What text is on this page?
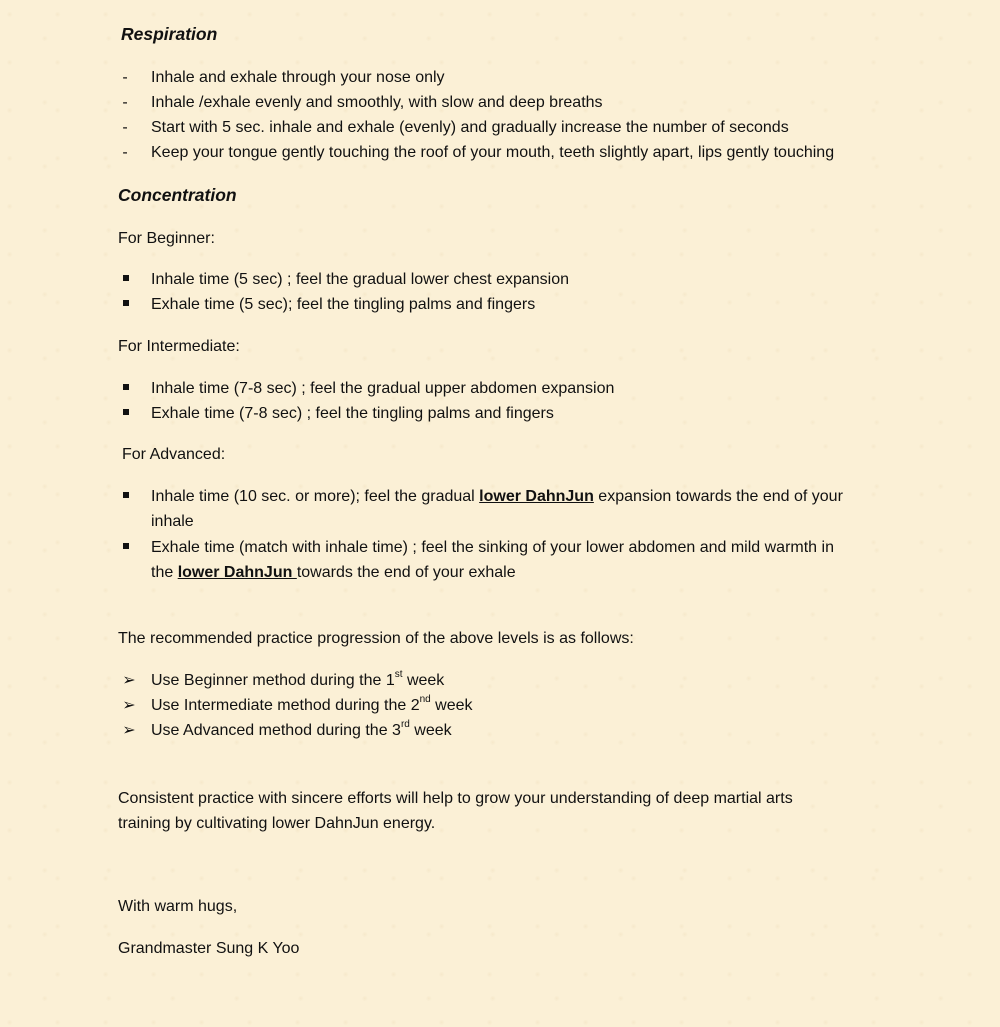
Respiration
- Inhale and exhale through your nose only
- Inhale /exhale evenly and smoothly, with slow and deep breaths
- Start with 5 sec. inhale and exhale (evenly) and gradually increase the number of seconds
- Keep your tongue gently touching the roof of your mouth, teeth slightly apart, lips gently touching
Concentration
For Beginner:
Inhale time (5 sec) ; feel the gradual lower chest expansion
Exhale time (5 sec); feel the tingling palms and fingers
For Intermediate:
Inhale time (7-8 sec) ; feel the gradual upper abdomen expansion
Exhale time (7-8 sec) ; feel the tingling palms and fingers
For Advanced:
Inhale time (10 sec. or more); feel the gradual lower DahnJun expansion towards the end of your
inhale
Exhale time (match with inhale time) ; feel the sinking of your lower abdomen and mild warmth in
the lower DahnJun towards the end of your exhale
The recommended practice progression of the above levels is as follows:
➢ Use Beginner method during the 1st week
➢ Use Intermediate method during the 2nd week
➢ Use Advanced method during the 3rd week
Consistent practice with sincere efforts will help to grow your understanding of deep martial arts
training by cultivating lower DahnJun energy.
With warm hugs,
Grandmaster Sung K Yoo
